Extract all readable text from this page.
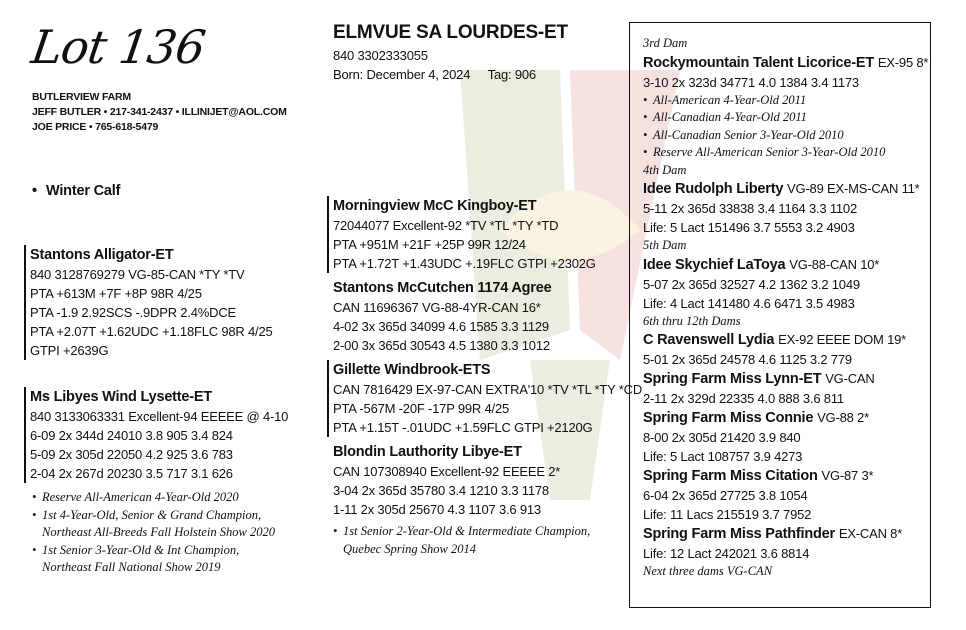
Lot 136
BUTLERVIEW FARM
JEFF BUTLER • 217-341-2437 • ILLINIJET@AOL.COM
JOE PRICE • 765-618-5479
• Winter Calf
Stantons Alligator-ET
840 3128769279 VG-85-CAN *TY *TV
PTA +613M +7F +8P 98R 4/25
PTA -1.9 2.92SCS -.9DPR 2.4%DCE
PTA +2.07T +1.62UDC +1.18FLC 98R 4/25
GTPI +2639G
Ms Libyes Wind Lysette-ET
840 3133063331 Excellent-94 EEEEE @ 4-10
6-09 2x 344d 24010 3.8 905 3.4 824
5-09 2x 305d 22050 4.2 925 3.6 783
2-04 2x 267d 20230 3.5 717 3.1 626
• Reserve All-American 4-Year-Old 2020
• 1st 4-Year-Old, Senior & Grand Champion,
Northeast All-Breeds Fall Holstein Show 2020
• 1st Senior 3-Year-Old & Int Champion,
Northeast Fall National Show 2019
ELMVUE SA LOURDES-ET
840 3302333055
Born: December 4, 2024 Tag: 906
Morningview McC Kingboy-ET
72044077 Excellent-92 *TV *TL *TY *TD
PTA +951M +21F +25P 99R 12/24
PTA +1.72T +1.43UDC +.19FLC GTPI +2302G
Stantons McCutchen 1174 Agree
CAN 11696367 VG-88-4YR-CAN 16*
4-02 3x 365d 34099 4.6 1585 3.3 1129
2-00 3x 365d 30543 4.5 1380 3.3 1012
Gillette Windbrook-ETS
CAN 7816429 EX-97-CAN EXTRA'10 *TV *TL *TY *CD
PTA -567M -20F -17P 99R 4/25
PTA +1.15T -.01UDC +1.59FLC GTPI +2120G
Blondin Lauthority Libye-ET
CAN 107308940 Excellent-92 EEEEE 2*
3-04 2x 365d 35780 3.4 1210 3.3 1178
1-11 2x 305d 25670 4.3 1107 3.6 913
• 1st Senior 2-Year-Old & Intermediate Champion,
Quebec Spring Show 2014
3rd Dam
Rockymountain Talent Licorice-ET EX-95 8*
3-10 2x 323d 34771 4.0 1384 3.4 1173
• All-American 4-Year-Old 2011
• All-Canadian 4-Year-Old 2011
• All-Canadian Senior 3-Year-Old 2010
• Reserve All-American Senior 3-Year-Old 2010
4th Dam
Idee Rudolph Liberty VG-89 EX-MS-CAN 11*
5-11 2x 365d 33838 3.4 1164 3.3 1102
Life: 5 Lact 151496 3.7 5553 3.2 4903
5th Dam
Idee Skychief LaToya VG-88-CAN 10*
5-07 2x 365d 32527 4.2 1362 3.2 1049
Life: 4 Lact 141480 4.6 6471 3.5 4983
6th thru 12th Dams
C Ravenswell Lydia EX-92 EEEE DOM 19*
5-01 2x 365d 24578 4.6 1125 3.2 779
Spring Farm Miss Lynn-ET VG-CAN
2-11 2x 329d 22335 4.0 888 3.6 811
Spring Farm Miss Connie VG-88 2*
8-00 2x 305d 21420 3.9 840
Life: 5 Lact 108757 3.9 4273
Spring Farm Miss Citation VG-87 3*
6-04 2x 365d 27725 3.8 1054
Life: 11 Lacs 215519 3.7 7952
Spring Farm Miss Pathfinder EX-CAN 8*
Life: 12 Lact 242021 3.6 8814
Next three dams VG-CAN
